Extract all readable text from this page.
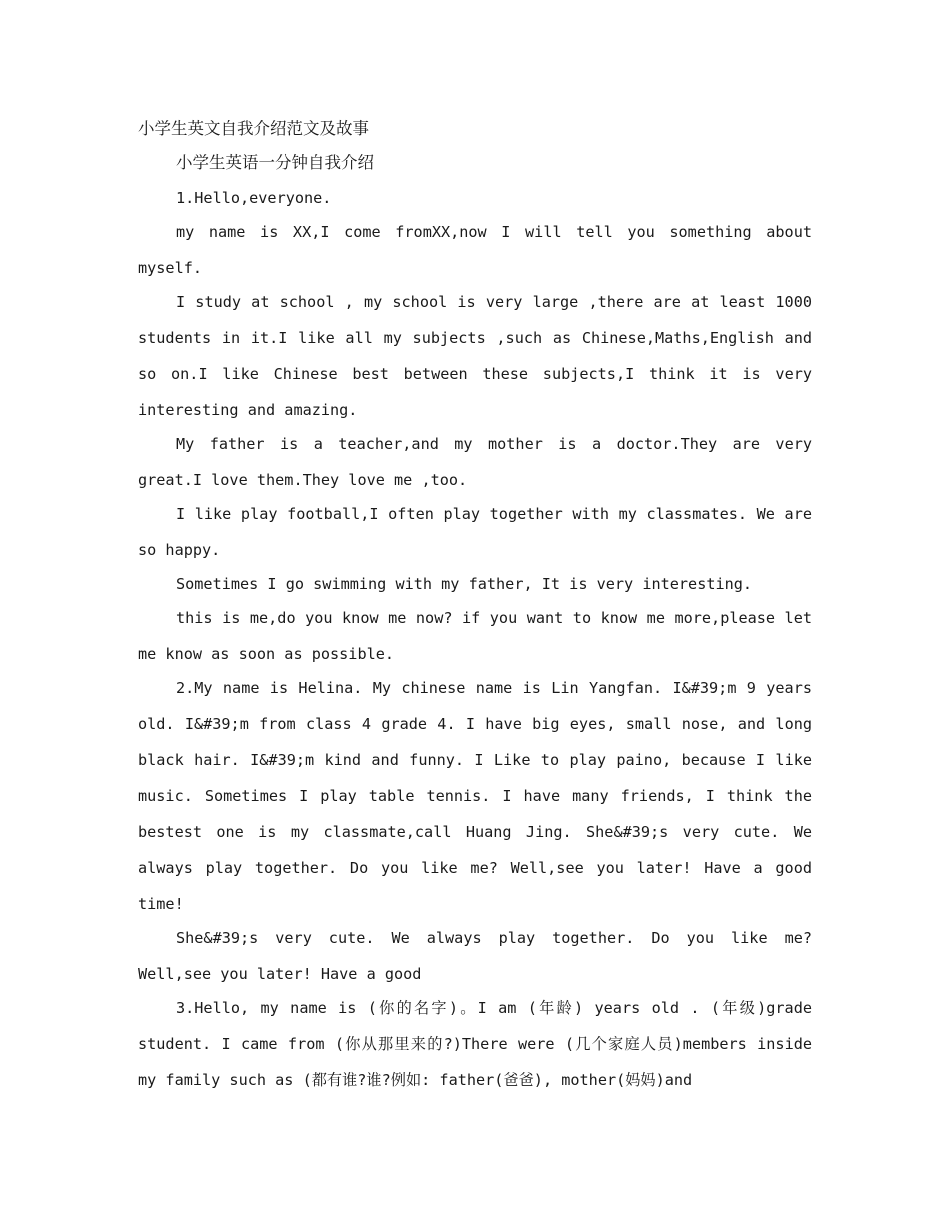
小学生英文自我介绍范文及故事

小学生英语一分钟自我介绍

1.Hello,everyone.

my name is XX,I come fromXX,now I will tell you something about myself.

I study at school , my school is very large ,there are at least 1000 students in it.I like all my subjects ,such as Chinese,Maths,English and so on.I like Chinese best between these subjects,I think it is very interesting and amazing.

My father is a teacher,and my mother is a doctor.They are very great.I love them.They love me ,too.

I like play football,I often play together with my classmates. We are so happy.

Sometimes I go swimming with my father, It is very interesting.

this is me,do you know me now? if you want to know me more,please let me know as soon as possible.

2.My name is Helina. My chinese name is Lin Yangfan. I&#39;m 9 years old. I&#39;m from class 4 grade 4. I have big eyes, small nose, and long black hair. I&#39;m kind and funny. I Like to play paino, because I like music. Sometimes I play table tennis. I have many friends, I think the bestest one is my classmate,call Huang Jing. She&#39;s very cute. We always play together. Do you like me? Well,see you later! Have a good time!

She&#39;s very cute. We always play together. Do you like me? Well,see you later! Have a good

3.Hello, my name is (你的名字)。I am (年龄) years old . (年级)grade student. I came from (你从那里来的?)There were (几个家庭人员)members inside my family such as (都有谁?谁?例如: father(爸爸), mother(妈妈)and
